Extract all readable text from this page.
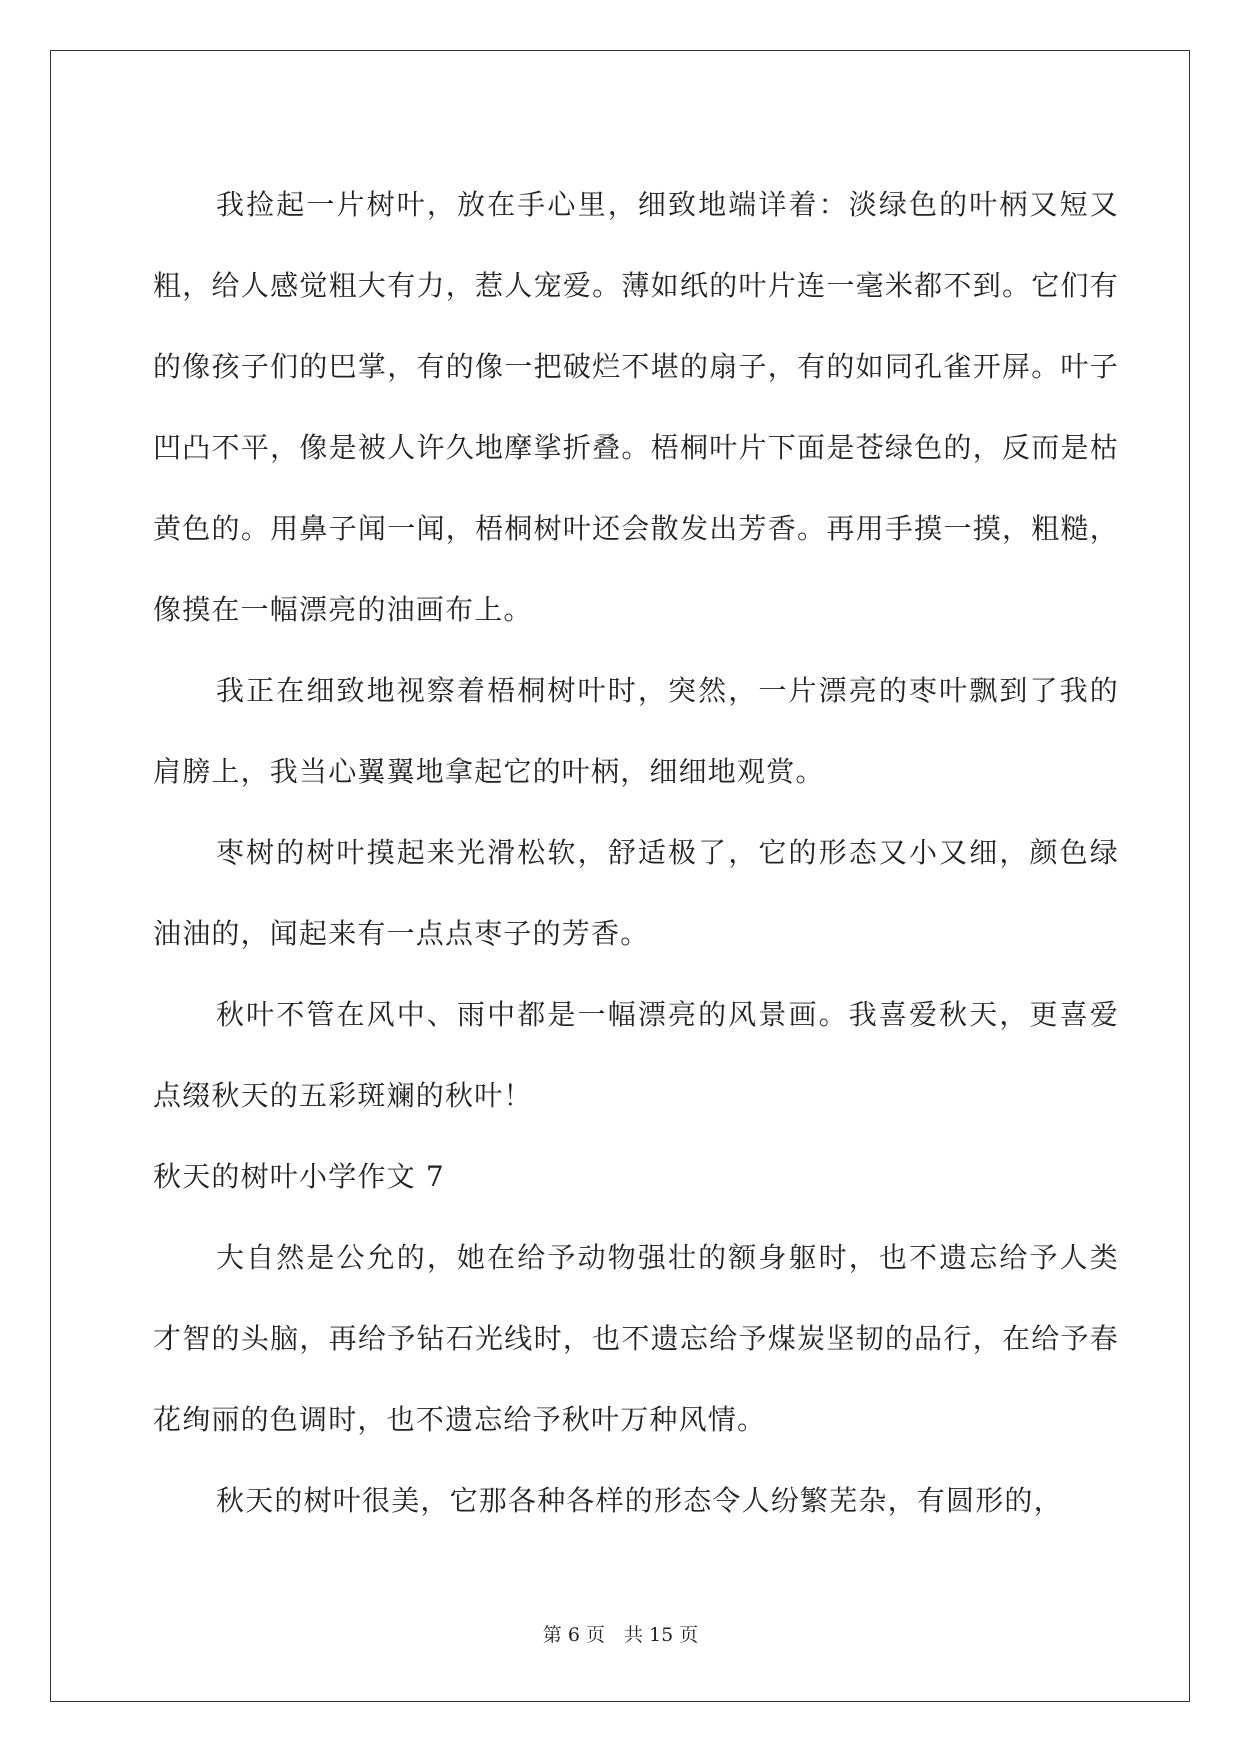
我捡起一片树叶，放在手心里，细致地端详着：淡绿色的叶柄又短又粗，给人感觉粗大有力，惹人宠爱。薄如纸的叶片连一毫米都不到。它们有的像孩子们的巴掌，有的像一把破烂不堪的扇子，有的如同孔雀开屏。叶子凹凸不平，像是被人许久地摩挲折叠。梧桐叶片下面是苍绿色的，反而是枯黄色的。用鼻子闻一闻，梧桐树叶还会散发出芳香。再用手摸一摸，粗糙，像摸在一幅漂亮的油画布上。

我正在细致地视察着梧桐树叶时，突然，一片漂亮的枣叶飘到了我的肩膀上，我当心翼翼地拿起它的叶柄，细细地观赏。

枣树的树叶摸起来光滑松软，舒适极了，它的形态又小又细，颜色绿油油的，闻起来有一点点枣子的芳香。

秋叶不管在风中、雨中都是一幅漂亮的风景画。我喜爱秋天，更喜爱点缀秋天的五彩斑斓的秋叶！

秋天的树叶小学作文 7

大自然是公允的，她在给予动物强壮的额身躯时，也不遗忘给予人类才智的头脑，再给予钻石光线时，也不遗忘给予煤炭坚韧的品行，在给予春花绚丽的色调时，也不遗忘给予秋叶万种风情。

秋天的树叶很美，它那各种各样的形态令人纷繁芜杂，有圆形的，

第 6 页　共 15 页
